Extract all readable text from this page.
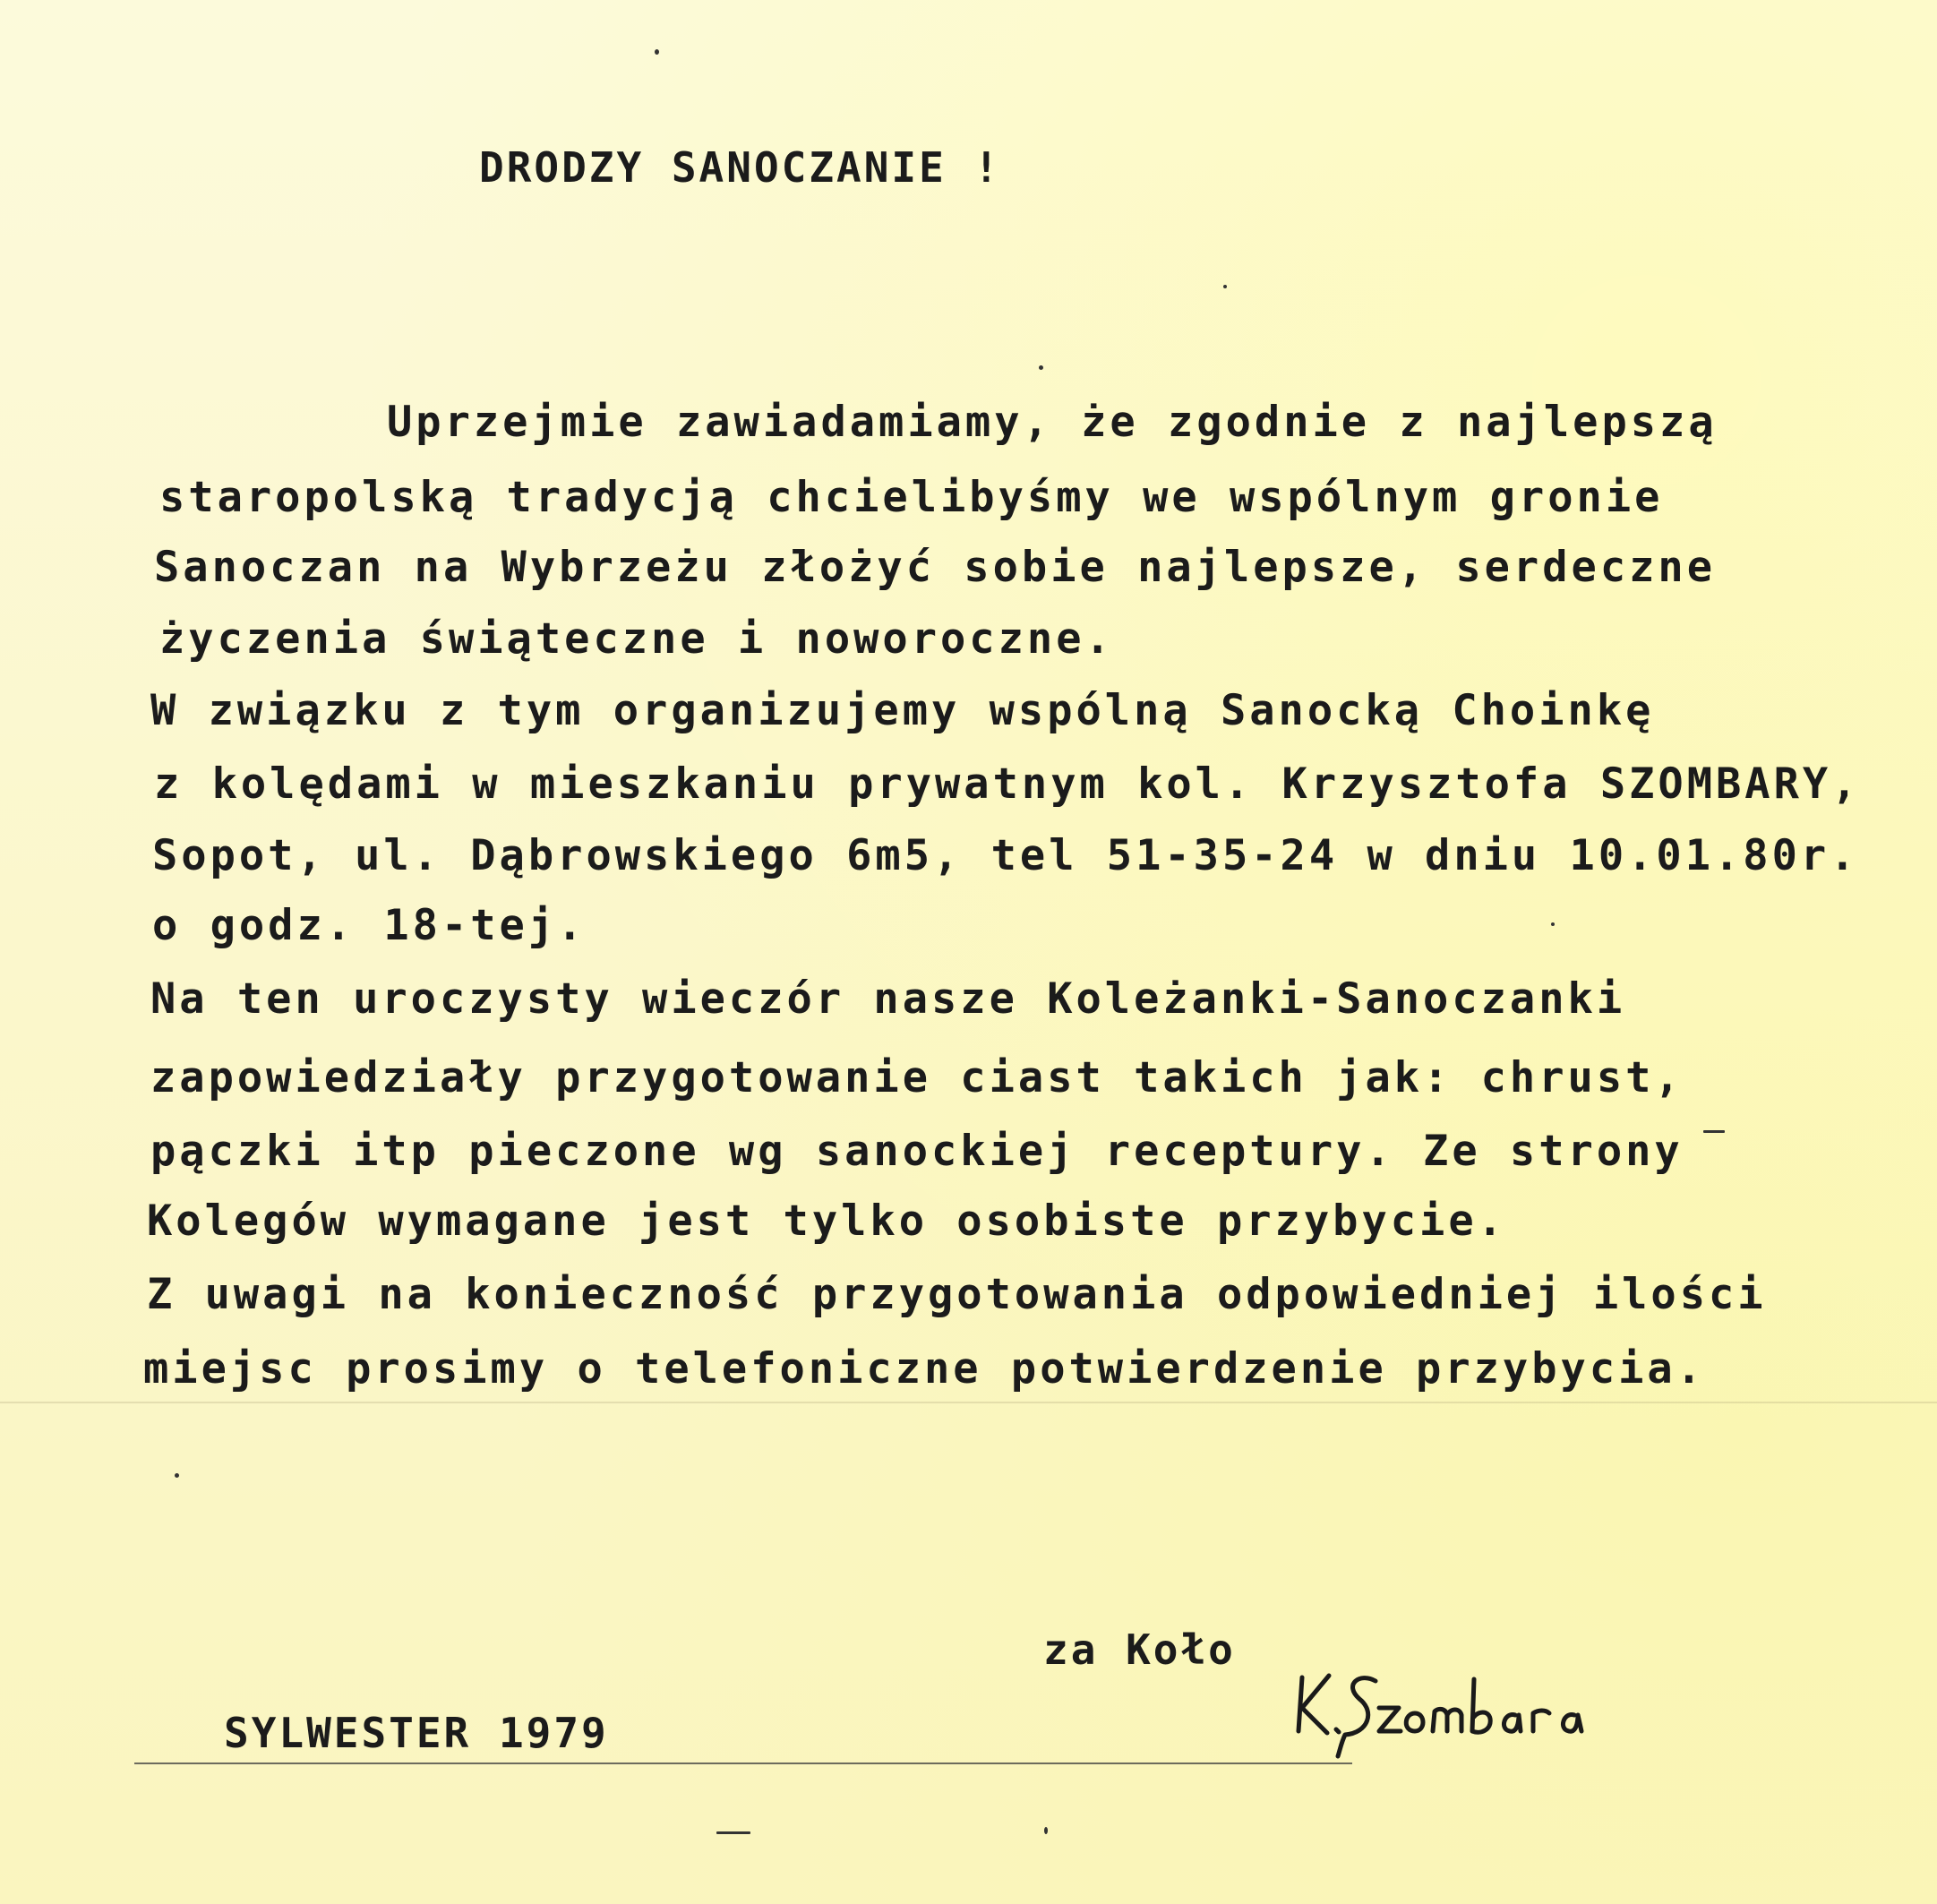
DRODZY SANOCZANIE !
Uprzejmie zawiadamiamy, że zgodnie z najlepszą
staropolską tradycją chcielibyśmy we wspólnym gronie
Sanoczan na Wybrzeżu złożyć sobie najlepsze, serdeczne
życzenia świąteczne i noworoczne.
W związku z tym organizujemy wspólną Sanocką Choinkę
z kolędami w mieszkaniu prywatnym kol. Krzysztofa SZOMBARY,
Sopot, ul. Dąbrowskiego 6m5, tel 51-35-24 w dniu 10.01.80r.
o godz. 18-tej.
Na ten uroczysty wieczór nasze Koleżanki-Sanoczanki
zapowiedziały przygotowanie ciast takich jak: chrust,
pączki itp pieczone wg sanockiej receptury. Ze strony
Kolegów wymagane jest tylko osobiste przybycie.
Z uwagi na konieczność przygotowania odpowiedniej ilości
miejsc prosimy o telefoniczne potwierdzenie przybycia.
za Koło
SYLWESTER 1979
